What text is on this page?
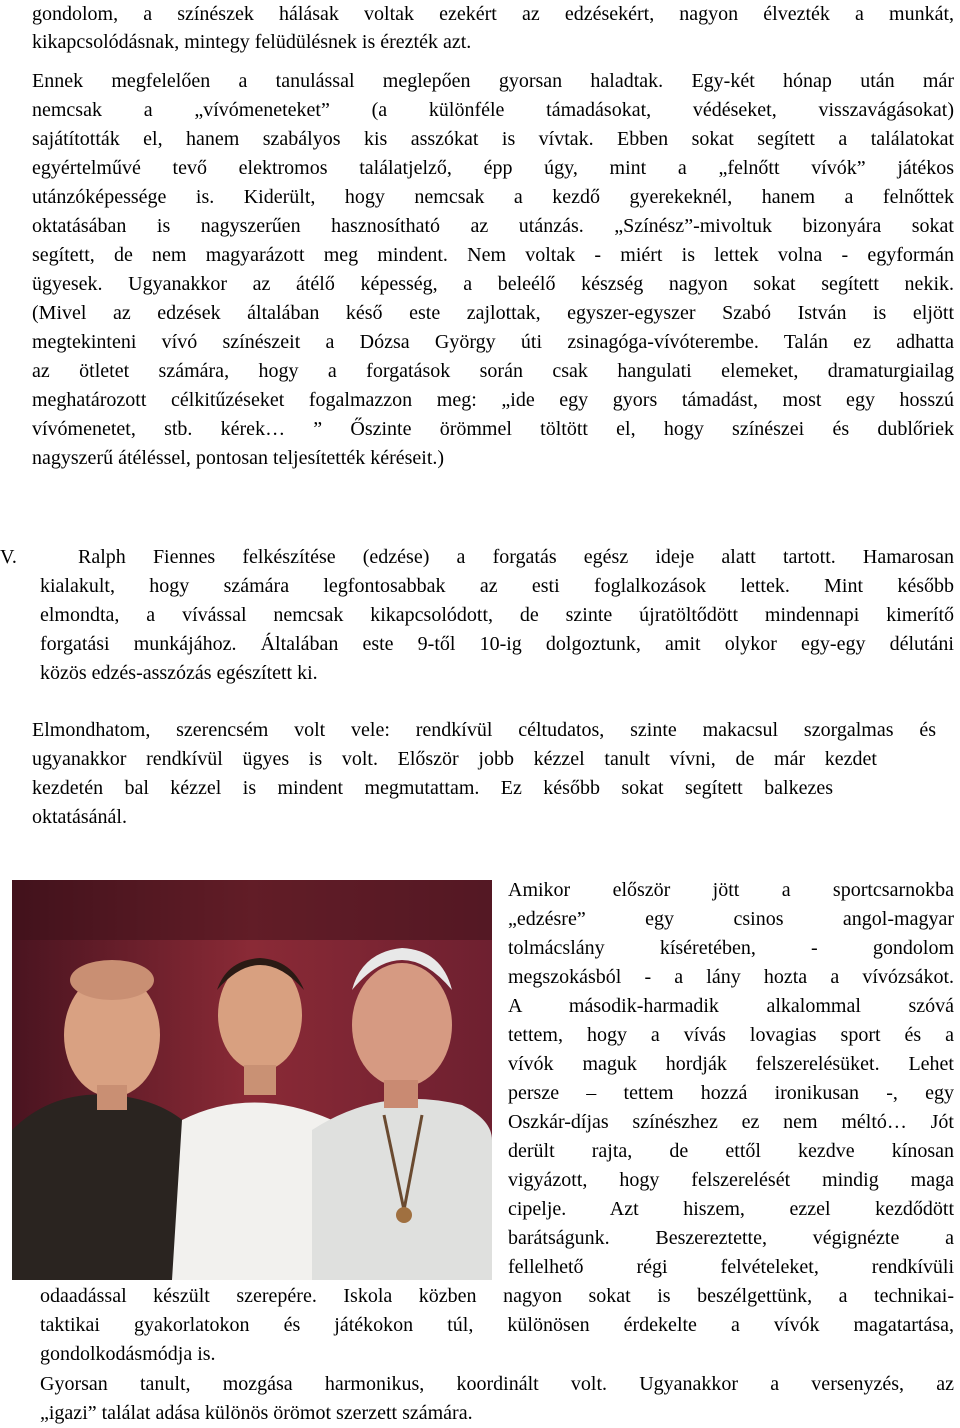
gondolom, a színészek hálásak voltak ezekért az edzésekért, nagyon élvezték a munkát,
kikapcsolódásnak, mintegy felüdülésnek is érezték azt.
Ennek megfelelően a tanulással meglepően gyorsan haladtak. Egy-két hónap után már
nemcsak a „vívómeneteket” (a különféle támadásokat, védéseket, visszavágásokat)
sajátították el, hanem szabályos kis asszókat is vívtak. Ebben sokat segített a találatokat
egyértelművé tevő elektromos találatjelző, épp úgy, mint a „felnőtt vívók” játékos
utánzóképessége is. Kiderült, hogy nemcsak a kezdő gyerekeknél, hanem a felnőttek
oktatásában is nagyszerűen hasznosítható az utánzás. „Színész”-mivoltuk bizonyára sokat
segített, de nem magyarázott meg mindent. Nem voltak - miért is lettek volna - egyformán
ügyesek. Ugyanakkor az átélő képesség, a beleélő készség nagyon sokat segített nekik.
(Mivel az edzések általában késő este zajlottak, egyszer-egyszer Szabó István is eljött
megtekinteni vívó színészeit a Dózsa György úti zsinagóga-vívóterembe. Talán ez adhatta
az ötletet számára, hogy a forgatások során csak hangulati elemeket, dramaturgiailag
meghatározott célkitűzéseket fogalmazzon meg: „ide egy gyors támadást, most egy hosszú
vívómenetet, stb. kérek… ” Őszinte örömmel töltött el, hogy színészei és dublőriek
nagyszerű átéléssel, pontosan teljesítették kéréseit.)
V.	Ralph Fiennes felkészítése (edzése) a forgatás egész ideje alatt tartott. Hamarosan
kialakult, hogy számára legfontosabbak az esti foglalkozások lettek. Mint később
elmondta, a vívással nemcsak kikapcsolódott, de szinte újratöltődött mindennapi kimerítő
forgatási munkájához. Általában este 9-től 10-ig dolgoztunk, amit olykor egy-egy délutáni
közös edzés-asszózás egészített ki.
Elmondhatom, szerencsém volt vele: rendkívül céltudatos, szinte makacsul szorgalmas és
ugyanakkor rendkívül ügyes is volt. Először jobb kézzel tanult vívni, de már kezdet
kezdetén bal kézzel is mindent megmutattam. Ez később sokat segített balkezes
oktatásánál.
Amikor először jött a sportcsarnokba
„edzésre” egy csinos angol-magyar
tolmácslány kíséretében, - gondolom
megszokásból - a lány hozta a vívózsákot.
A második-harmadik alkalommal szóvá
tettem, hogy a vívás lovagias sport és a
vívók maguk hordják felszerelésüket. Lehet
persze – tettem hozzá ironikusan -, egy
Oszkár-díjas színészhez ez nem méltó… Jót
derült rajta, de ettől kezdve kínosan
vigyázott, hogy felszerelését mindig maga
cipelje. Azt hiszem, ezzel kezdődött
barátságunk. Beszereztette, végignézte a
fellelhető régi felvételeket, rendkívüli
odaadással készült szerepére. Iskola közben nagyon sokat is beszélgettünk, a technikai-
taktikai gyakorlatokon és játékokon túl, különösen érdekelte a vívók magatartása,
gondolkodásmódja is.
Gyorsan tanult, mozgása harmonikus, koordinált volt. Ugyanakkor a versenyzés, az
„igazi” találat adása különös örömot szerzett számára.
